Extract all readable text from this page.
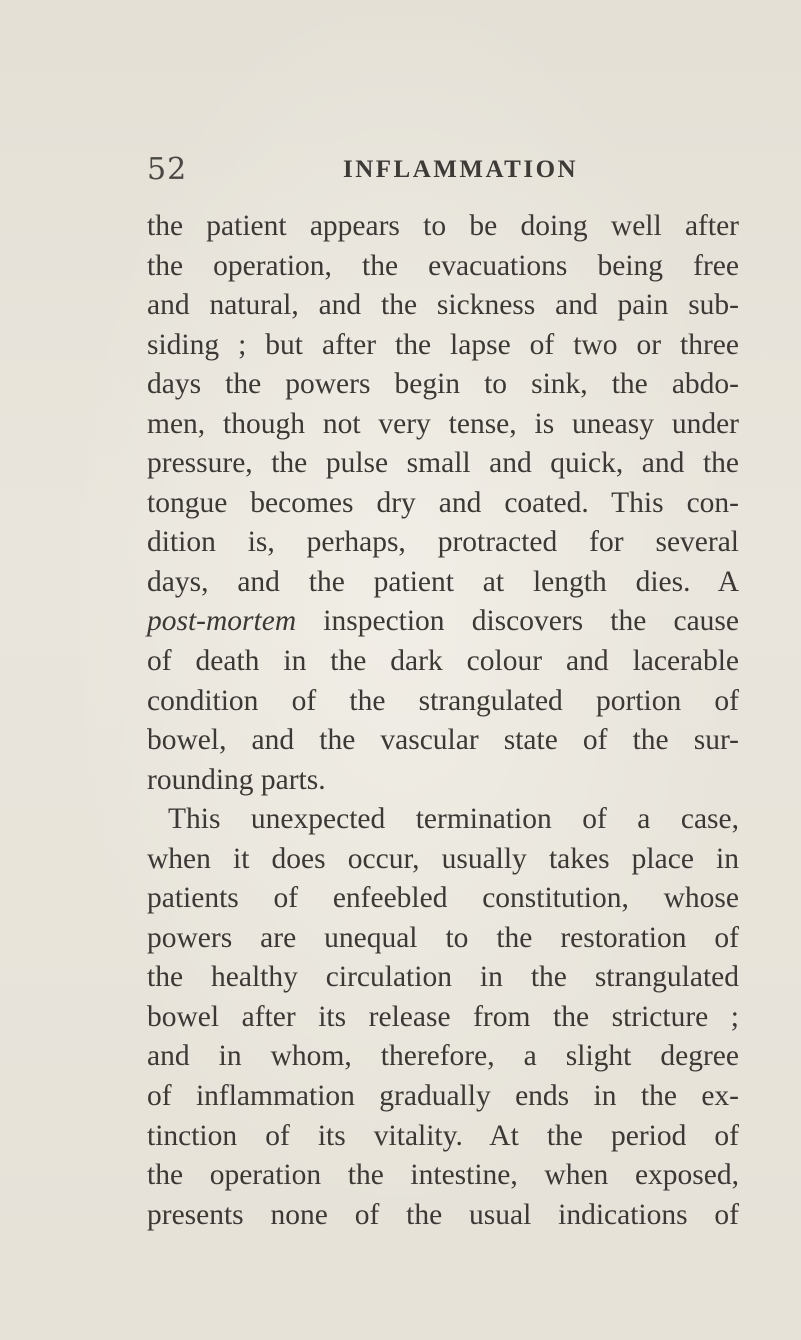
52	INFLAMMATION
the patient appears to be doing well after
the operation, the evacuations being free
and natural, and the sickness and pain sub-
siding ; but after the lapse of two or three
days the powers begin to sink, the abdo-
men, though not very tense, is uneasy under
pressure, the pulse small and quick, and the
tongue becomes dry and coated. This con-
dition is, perhaps, protracted for several
days, and the patient at length dies. A
post-mortem inspection discovers the cause
of death in the dark colour and lacerable
condition of the strangulated portion of
bowel, and the vascular state of the sur-
rounding parts.
This unexpected termination of a case,
when it does occur, usually takes place in
patients of enfeebled constitution, whose
powers are unequal to the restoration of
the healthy circulation in the strangulated
bowel after its release from the stricture ;
and in whom, therefore, a slight degree
of inflammation gradually ends in the ex-
tinction of its vitality. At the period of
the operation the intestine, when exposed,
presents none of the usual indications of
